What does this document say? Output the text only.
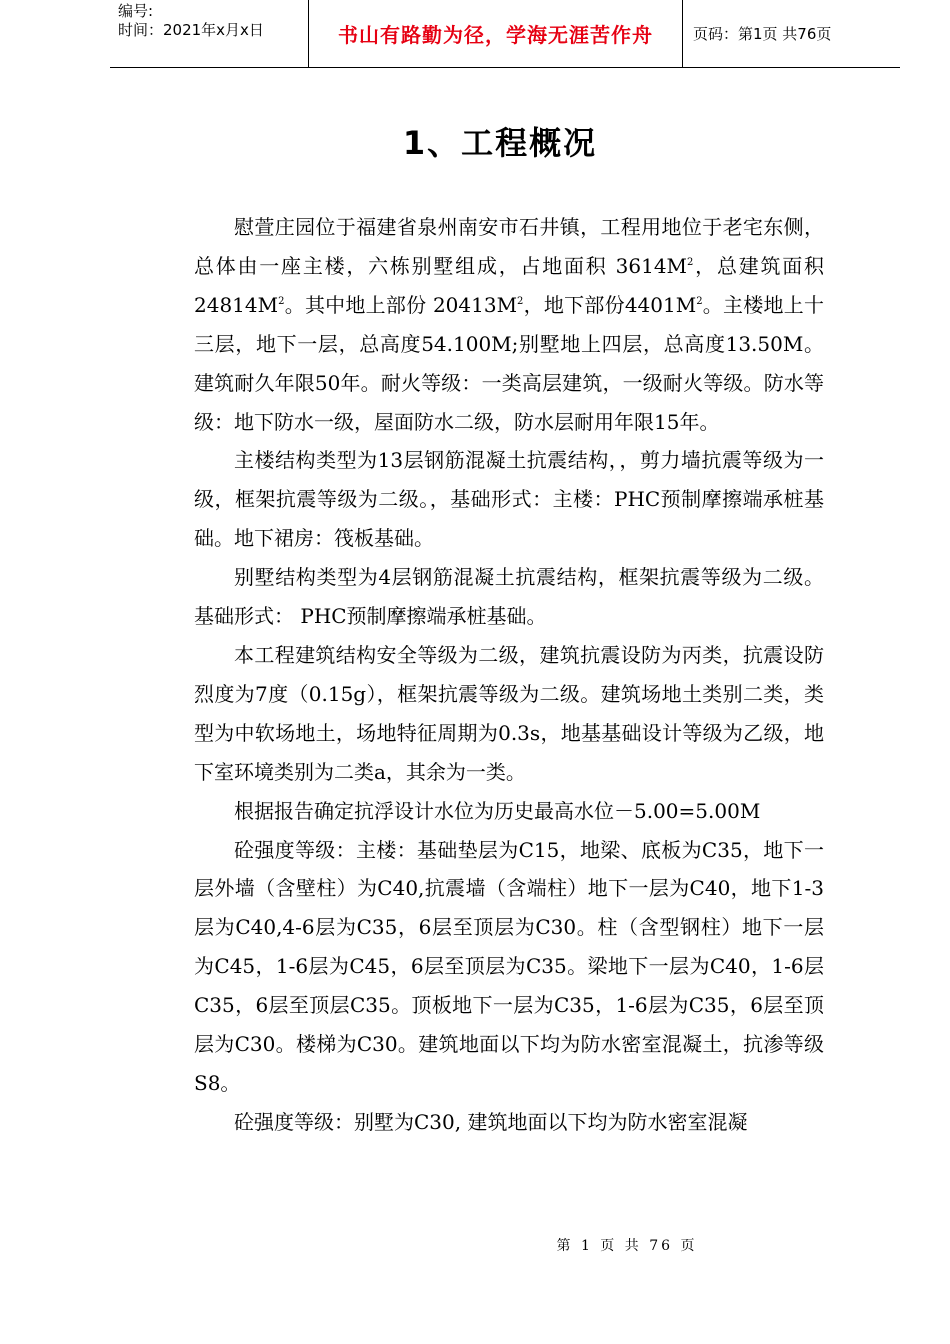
编号:
时间：2021年x月x日	书山有路勤为径，学海无涯苦作舟	页码：第1页 共76页
1、工程概况

慰萱庄园位于福建省泉州南安市石井镇，工程用地位于老宅东侧，总体由一座主楼，六栋别墅组成，占地面积 $3614M^2$，总建筑面积 $24814M^2$。其中地上部份 $20413M^2$，地下部份$4401M^2$。主楼地上十三层，地下一层，总高度54.100M;别墅地上四层，总高度13.50M。建筑耐久年限50年。耐火等级：一类高层建筑，一级耐火等级。防水等级：地下防水一级，屋面防水二级，防水层耐用年限15年。

主楼结构类型为13层钢筋混凝土抗震结构，，剪力墙抗震等级为一级，框架抗震等级为二级。，基础形式：主楼：PHC预制摩擦端承桩基础。地下裙房：筏板基础。

别墅结构类型为4层钢筋混凝土抗震结构，框架抗震等级为二级。基础形式： PHC预制摩擦端承桩基础。

本工程建筑结构安全等级为二级，建筑抗震设防为丙类，抗震设防烈度为7度（0.15g），框架抗震等级为二级。建筑场地土类别二类，类型为中软场地土，场地特征周期为0.3s，地基基础设计等级为乙级，地下室环境类别为二类a，其余为一类。

根据报告确定抗浮设计水位为历史最高水位－5.00=5.00M

砼强度等级：主楼：基础垫层为C15，地梁、底板为C35，地下一层外墙（含壁柱）为C40,抗震墙（含端柱）地下一层为C40，地下1-3层为C40,4-6层为C35，6层至顶层为C30。柱（含型钢柱）地下一层为C45，1-6层为C45，6层至顶层为C35。梁地下一层为C40，1-6层C35，6层至顶层C35。顶板地下一层为C35，1-6层为C35，6层至顶层为C30。楼梯为C30。建筑地面以下均为防水密室混凝土，抗渗等级S8。

砼强度等级：别墅为C30, 建筑地面以下均为防水密室混凝

第 1 页 共 76 页
